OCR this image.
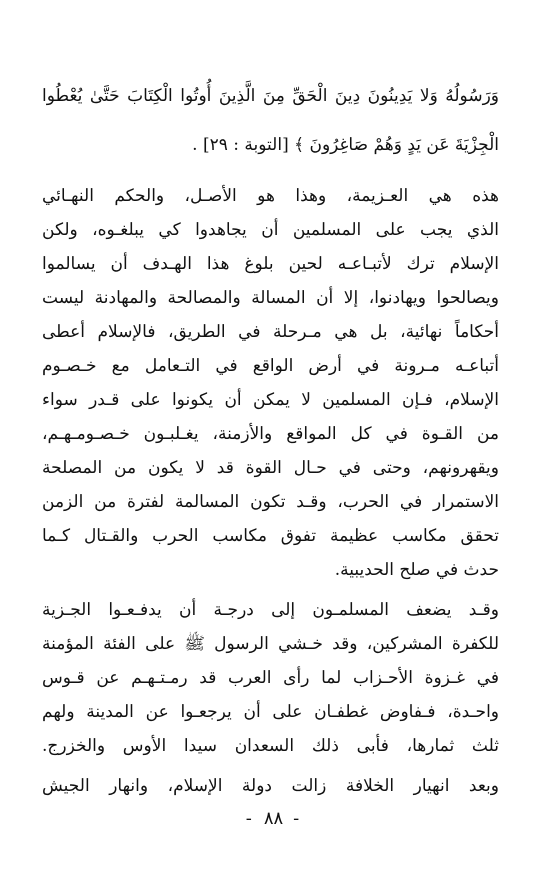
وَرَسُولُهُ وَلا يَدِينُونَ دِينَ الْحَقِّ مِنَ الَّذِينَ أُوتُوا الْكِتَابَ حَتَّىٰ يُعْطُوا
الْجِزْيَةَ عَن يَدٍ وَهُمْ صَاغِرُونَ ﴾ [التوبة : ٢٩] .
هذه هي العـزيمة، وهذا هو الأصـل، والحكم النهـائي
الذي يجب على المسلمين أن يجاهدوا كي يبلغـوه، ولكن
الإسلام ترك لأتبـاعـه لحين بلوغ هذا الهـدف أن يسالموا
ويصالحوا ويهادنوا، إلا أن المسالة والمصالحة والمهادنة ليست
أحكاماً نهائية، بل هي مـرحلة في الطريق، فالإسلام أعطى
أتباعـه مـرونة في أرض الواقع في التـعامل مع خـصـوم
الإسلام، فـإن المسلمين لا يمكن أن يكونوا على قـدر سواء
من القـوة في كل المواقع والأزمنة، يغـلبـون خـصـومـهـم،
ويقهرونهم، وحتى في حـال القوة قد لا يكون من المصلحة
الاستمرار في الحرب، وقـد تكون المسالمة لفترة من الزمن
تحقق مكاسب عظيمة تفوق مكاسب الحرب والقـتال كـما
حدث في صلح الحديبية.
وقـد يضعف المسلمـون إلى درجـة أن يدفـعـوا الجـزية
للكفرة المشركين، وقد خـشي الرسول ﷺ على الفئة المؤمنة
في غـزوة الأحـزاب لما رأى العرب قد رمـتـهـم عن قـوس
واحـدة، فـفاوض غطفـان على أن يرجعـوا عن المدينة ولهم
ثلث ثمارها، فأبى ذلك السعدان سيدا الأوس والخزرج.
وبعد انهيار الخلافة زالت دولة الإسلام، وانهار الجيش
-٨٨-
